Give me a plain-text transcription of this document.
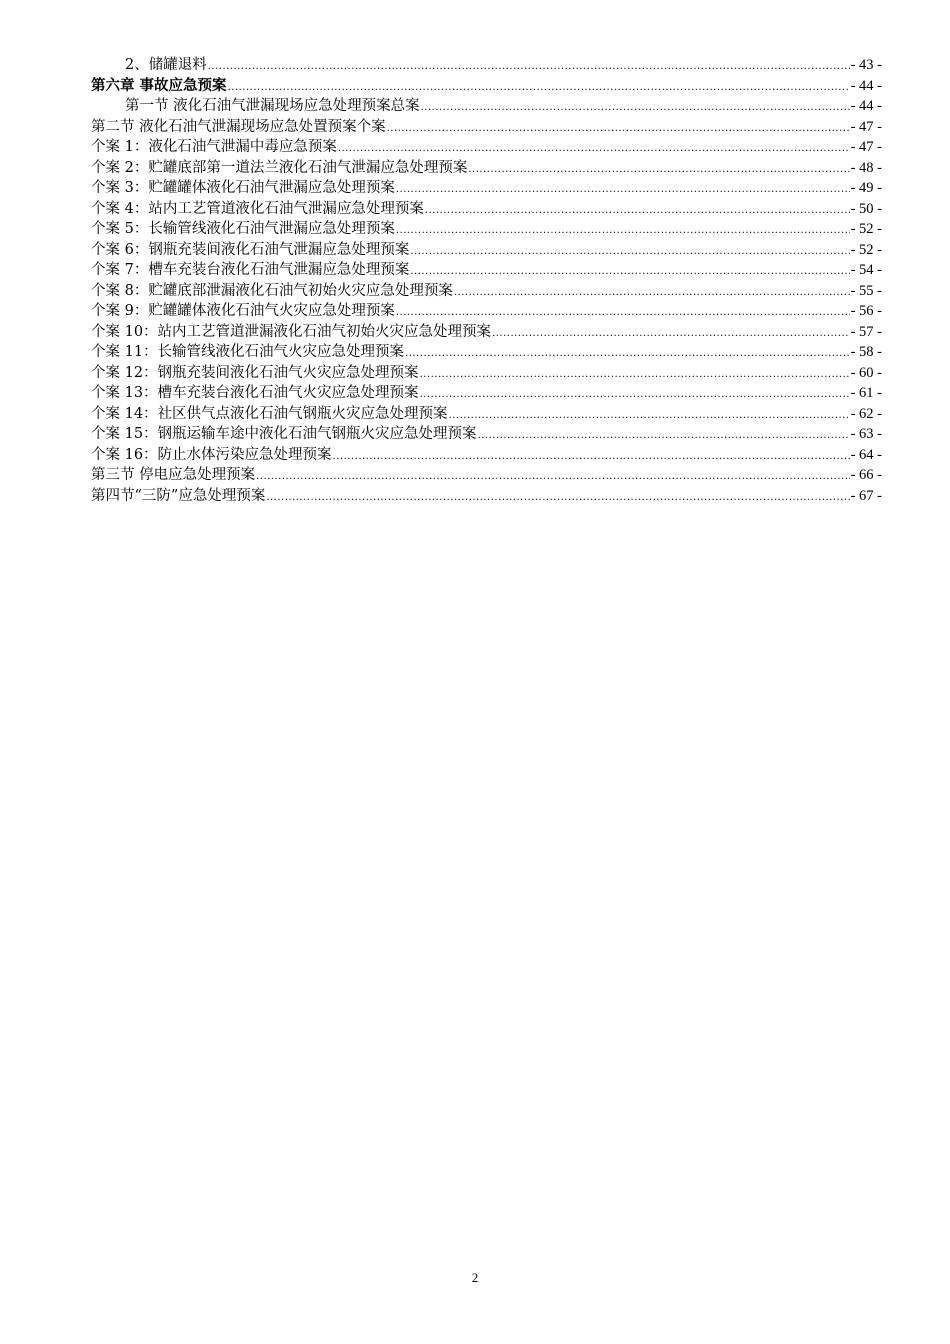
2、储罐退料 .....	- 43 -
第六章 事故应急预案 .....	- 44 -
第一节 液化石油气泄漏现场应急处理预案总案 .....	- 44 -
第二节 液化石油气泄漏现场应急处置预案个案 .....	- 47 -
个案 1：液化石油气泄漏中毒应急预案 .....	- 47 -
个案 2：贮罐底部第一道法兰液化石油气泄漏应急处理预案 .....	- 48 -
个案 3：贮罐罐体液化石油气泄漏应急处理预案 .....	- 49 -
个案 4：站内工艺管道液化石油气泄漏应急处理预案 .....	- 50 -
个案 5：长输管线液化石油气泄漏应急处理预案 .....	- 52 -
个案 6：钢瓶充装间液化石油气泄漏应急处理预案 .....	- 52 -
个案 7：槽车充装台液化石油气泄漏应急处理预案 .....	- 54 -
个案 8：贮罐底部泄漏液化石油气初始火灾应急处理预案 .....	- 55 -
个案 9：贮罐罐体液化石油气火灾应急处理预案 .....	- 56 -
个案 10：站内工艺管道泄漏液化石油气初始火灾应急处理预案 .....	- 57 -
个案 11：长输管线液化石油气火灾应急处理预案 .....	- 58 -
个案 12：钢瓶充装间液化石油气火灾应急处理预案 .....	- 60 -
个案 13：槽车充装台液化石油气火灾应急处理预案 .....	- 61 -
个案 14：社区供气点液化石油气钢瓶火灾应急处理预案 .....	- 62 -
个案 15：钢瓶运输车途中液化石油气钢瓶火灾应急处理预案 .....	- 63 -
个案 16：防止水体污染应急处理预案 .....	- 64 -
第三节 停电应急处理预案 .....	- 66 -
第四节“三防”应急处理预案 .....	- 67 -
2
